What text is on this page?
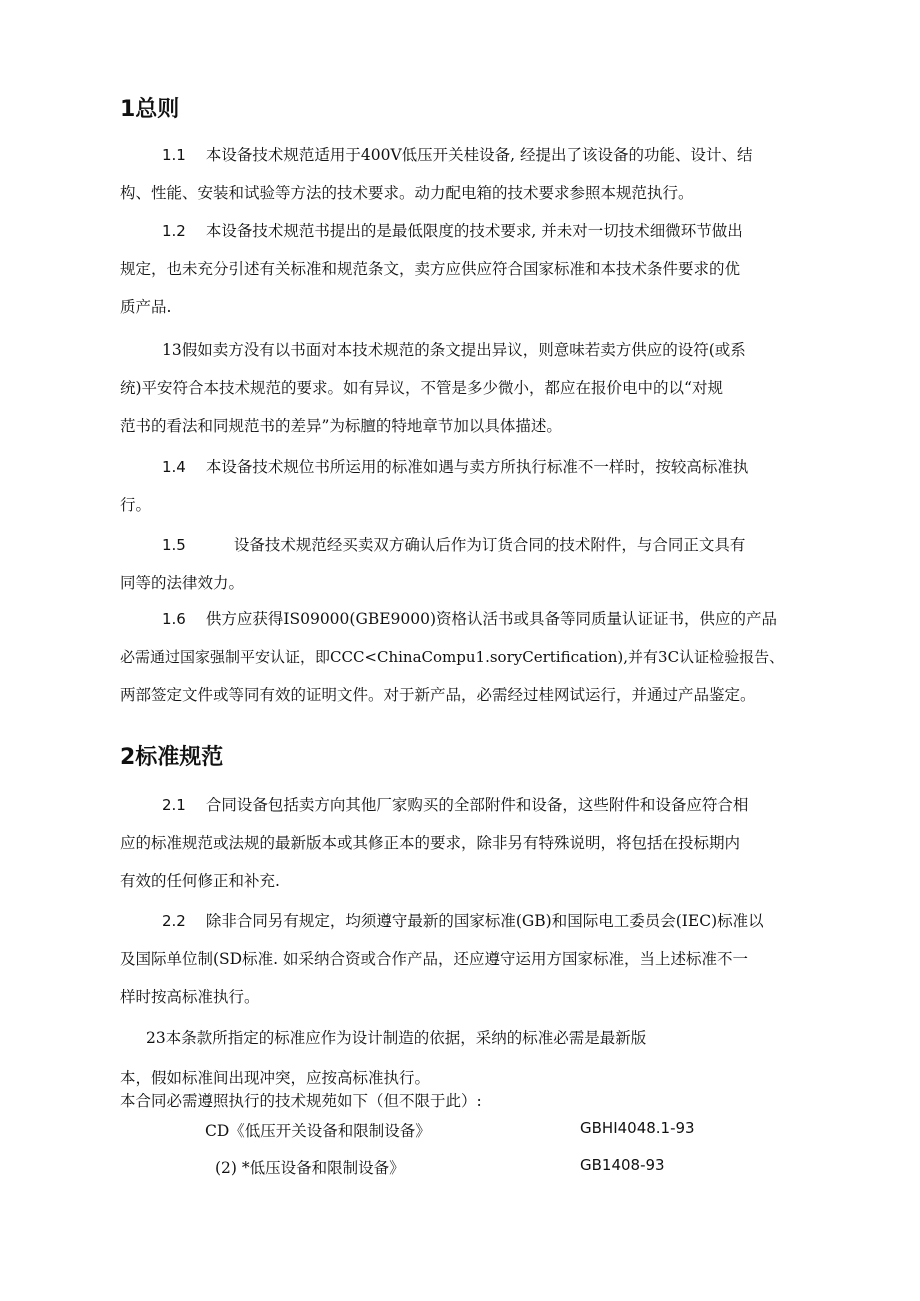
1总则

1.1 本设备技术规范适用于400V低压开关桂设备, 经提出了该设备的功能、设计、结

构、性能、安装和试验等方法的技术要求。动力配电箱的技术要求参照本规范执行。

1.2 本设备技术规范书提出的是最低限度的技术要求, 并未对一切技术细微环节做出

规定，也未充分引述有关标准和规范条文，卖方应供应符合国家标准和本技术条件要求的优

质产品.

13假如卖方没有以书面对本技术规范的条文提出异议，则意味若卖方供应的设符(或系

统)平安符合本技术规范的要求。如有异议，不管是多少微小，都应在报价电中的以“对规

范书的看法和同规范书的差异”为标膻的特地章节加以具体描述。

1.4 本设备技术规位书所运用的标准如遇与卖方所执行标准不一样时，按较高标准执

行。

1.5	设备技术规范经买卖双方确认后作为订货合同的技术附件，与合同正文具有

同等的法律效力。

1.6 供方应获得IS09000(GBE9000)资格认活书或具备等同质量认证证书，供应的产品

必需通过国家强制平安认证，即CCC<ChinaCompu1.soryCertification),并有3C认证检验报告、

两部签定文件或等同有效的证明文件。对于新产品，必需经过桂网试运行，并通过产品鉴定。

2标准规范

2.1 合同设备包括卖方向其他厂家购买的全部附件和设备，这些附件和设备应符合相

应的标准规范或法规的最新版本或其修正本的要求，除非另有特殊说明，将包括在投标期内

有效的任何修正和补充.

2.2 除非合同另有规定，均须遵守最新的国家标准(GB)和国际电工委员会(IEC)标准以

及国际单位制(SD标准. 如采纳合资或合作产品，还应遵守运用方国家标准，当上述标准不一

样时按高标准执行。

23本条款所指定的标准应作为设计制造的依据，采纳的标准必需是最新版

本，假如标准间出现冲突，应按高标准执行。
本合同必需遵照执行的技术规苑如下（但不限于此）:
CD《低压开关设备和限制设备》	GBHI4048.1-93
(2) *低压设备和限制设备》	GB1408-93
